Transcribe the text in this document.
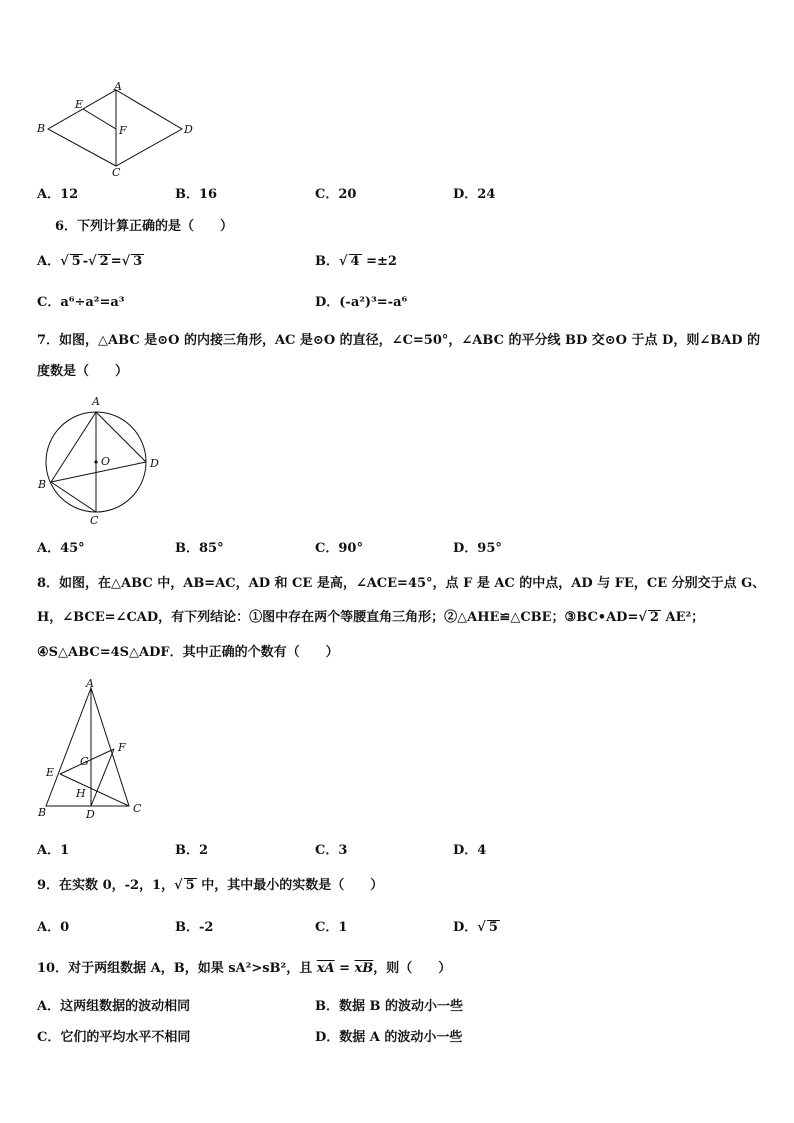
A
E
B	F	D
C
A．12	B．16	C．20	D．24
6．下列计算正确的是（　　）
A．√ 5 -√ 2 =√ 3	B．√ 4 =±2
C．a⁶÷a²=a³	D．(-a²)³=-a⁶
7．如图，△ABC 是⊙O 的内接三角形，AC 是⊙O 的直径，∠C=50°，∠ABC 的平分线 BD 交⊙O 于点 D，则∠BAD 的
度数是（　　）
A
O	D
B
C
A．45°	B．85°	C．90°	D．95°
8．如图，在△ABC 中，AB=AC，AD 和 CE 是高，∠ACE=45°，点 F 是 AC 的中点，AD 与 FE，CE 分别交于点 G、
H，∠BCE=∠CAD，有下列结论：①图中存在两个等腰直角三角形；②△AHE≌△CBE；③BC•AD=√ 2 AE²；
④S△ABC=4S△ADF．其中正确的个数有（　　）
A
F
G
E
H
B	D	C
A．1	B．2	C．3	D．4
9．在实数 0，-2，1，√ 5 中，其中最小的实数是（　　）
A．0	B．-2	C．1	D．√ 5
10．对于两组数据 A，B，如果 sA²>sB²，且 $\overline{xA} = \overline{xB}$，则（　　）
A．这两组数据的波动相同	B．数据 B 的波动小一些
C．它们的平均水平不相同	D．数据 A 的波动小一些
